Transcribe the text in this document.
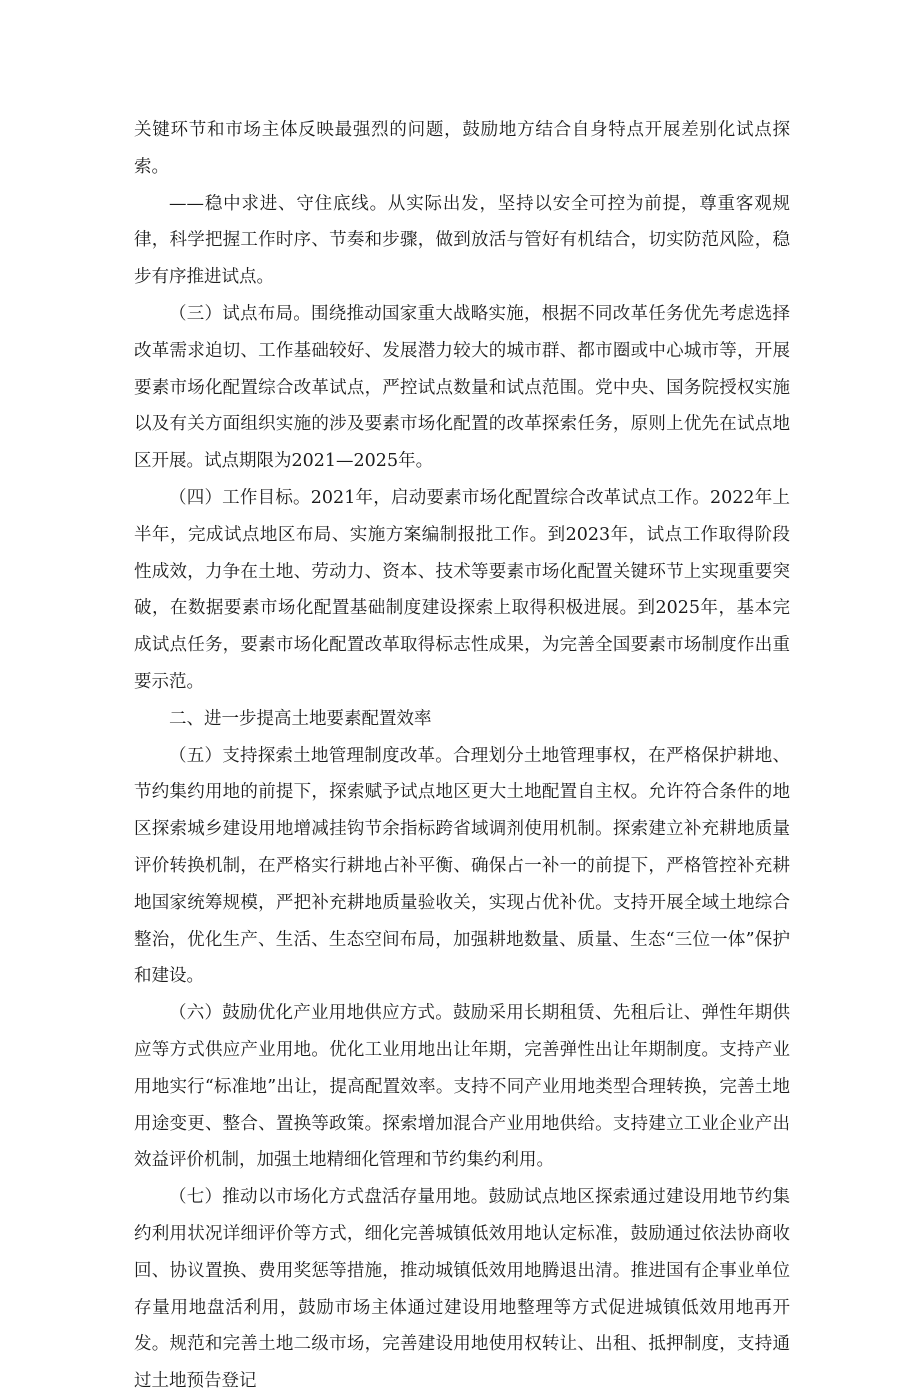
关键环节和市场主体反映最强烈的问题，鼓励地方结合自身特点开展差别化试点探索。

——稳中求进、守住底线。从实际出发，坚持以安全可控为前提，尊重客观规律，科学把握工作时序、节奏和步骤，做到放活与管好有机结合，切实防范风险，稳步有序推进试点。

（三）试点布局。围绕推动国家重大战略实施，根据不同改革任务优先考虑选择改革需求迫切、工作基础较好、发展潜力较大的城市群、都市圈或中心城市等，开展要素市场化配置综合改革试点，严控试点数量和试点范围。党中央、国务院授权实施以及有关方面组织实施的涉及要素市场化配置的改革探索任务，原则上优先在试点地区开展。试点期限为2021—2025年。

（四）工作目标。2021年，启动要素市场化配置综合改革试点工作。2022年上半年，完成试点地区布局、实施方案编制报批工作。到2023年，试点工作取得阶段性成效，力争在土地、劳动力、资本、技术等要素市场化配置关键环节上实现重要突破，在数据要素市场化配置基础制度建设探索上取得积极进展。到2025年，基本完成试点任务，要素市场化配置改革取得标志性成果，为完善全国要素市场制度作出重要示范。

二、进一步提高土地要素配置效率

（五）支持探索土地管理制度改革。合理划分土地管理事权，在严格保护耕地、节约集约用地的前提下，探索赋予试点地区更大土地配置自主权。允许符合条件的地区探索城乡建设用地增减挂钩节余指标跨省域调剂使用机制。探索建立补充耕地质量评价转换机制，在严格实行耕地占补平衡、确保占一补一的前提下，严格管控补充耕地国家统筹规模，严把补充耕地质量验收关，实现占优补优。支持开展全域土地综合整治，优化生产、生活、生态空间布局，加强耕地数量、质量、生态“三位一体”保护和建设。

（六）鼓励优化产业用地供应方式。鼓励采用长期租赁、先租后让、弹性年期供应等方式供应产业用地。优化工业用地出让年期，完善弹性出让年期制度。支持产业用地实行“标准地”出让，提高配置效率。支持不同产业用地类型合理转换，完善土地用途变更、整合、置换等政策。探索增加混合产业用地供给。支持建立工业企业产出效益评价机制，加强土地精细化管理和节约集约利用。

（七）推动以市场化方式盘活存量用地。鼓励试点地区探索通过建设用地节约集约利用状况详细评价等方式，细化完善城镇低效用地认定标准，鼓励通过依法协商收回、协议置换、费用奖惩等措施，推动城镇低效用地腾退出清。推进国有企事业单位存量用地盘活利用，鼓励市场主体通过建设用地整理等方式促进城镇低效用地再开发。规范和完善土地二级市场，完善建设用地使用权转让、出租、抵押制度，支持通过土地预告登记
